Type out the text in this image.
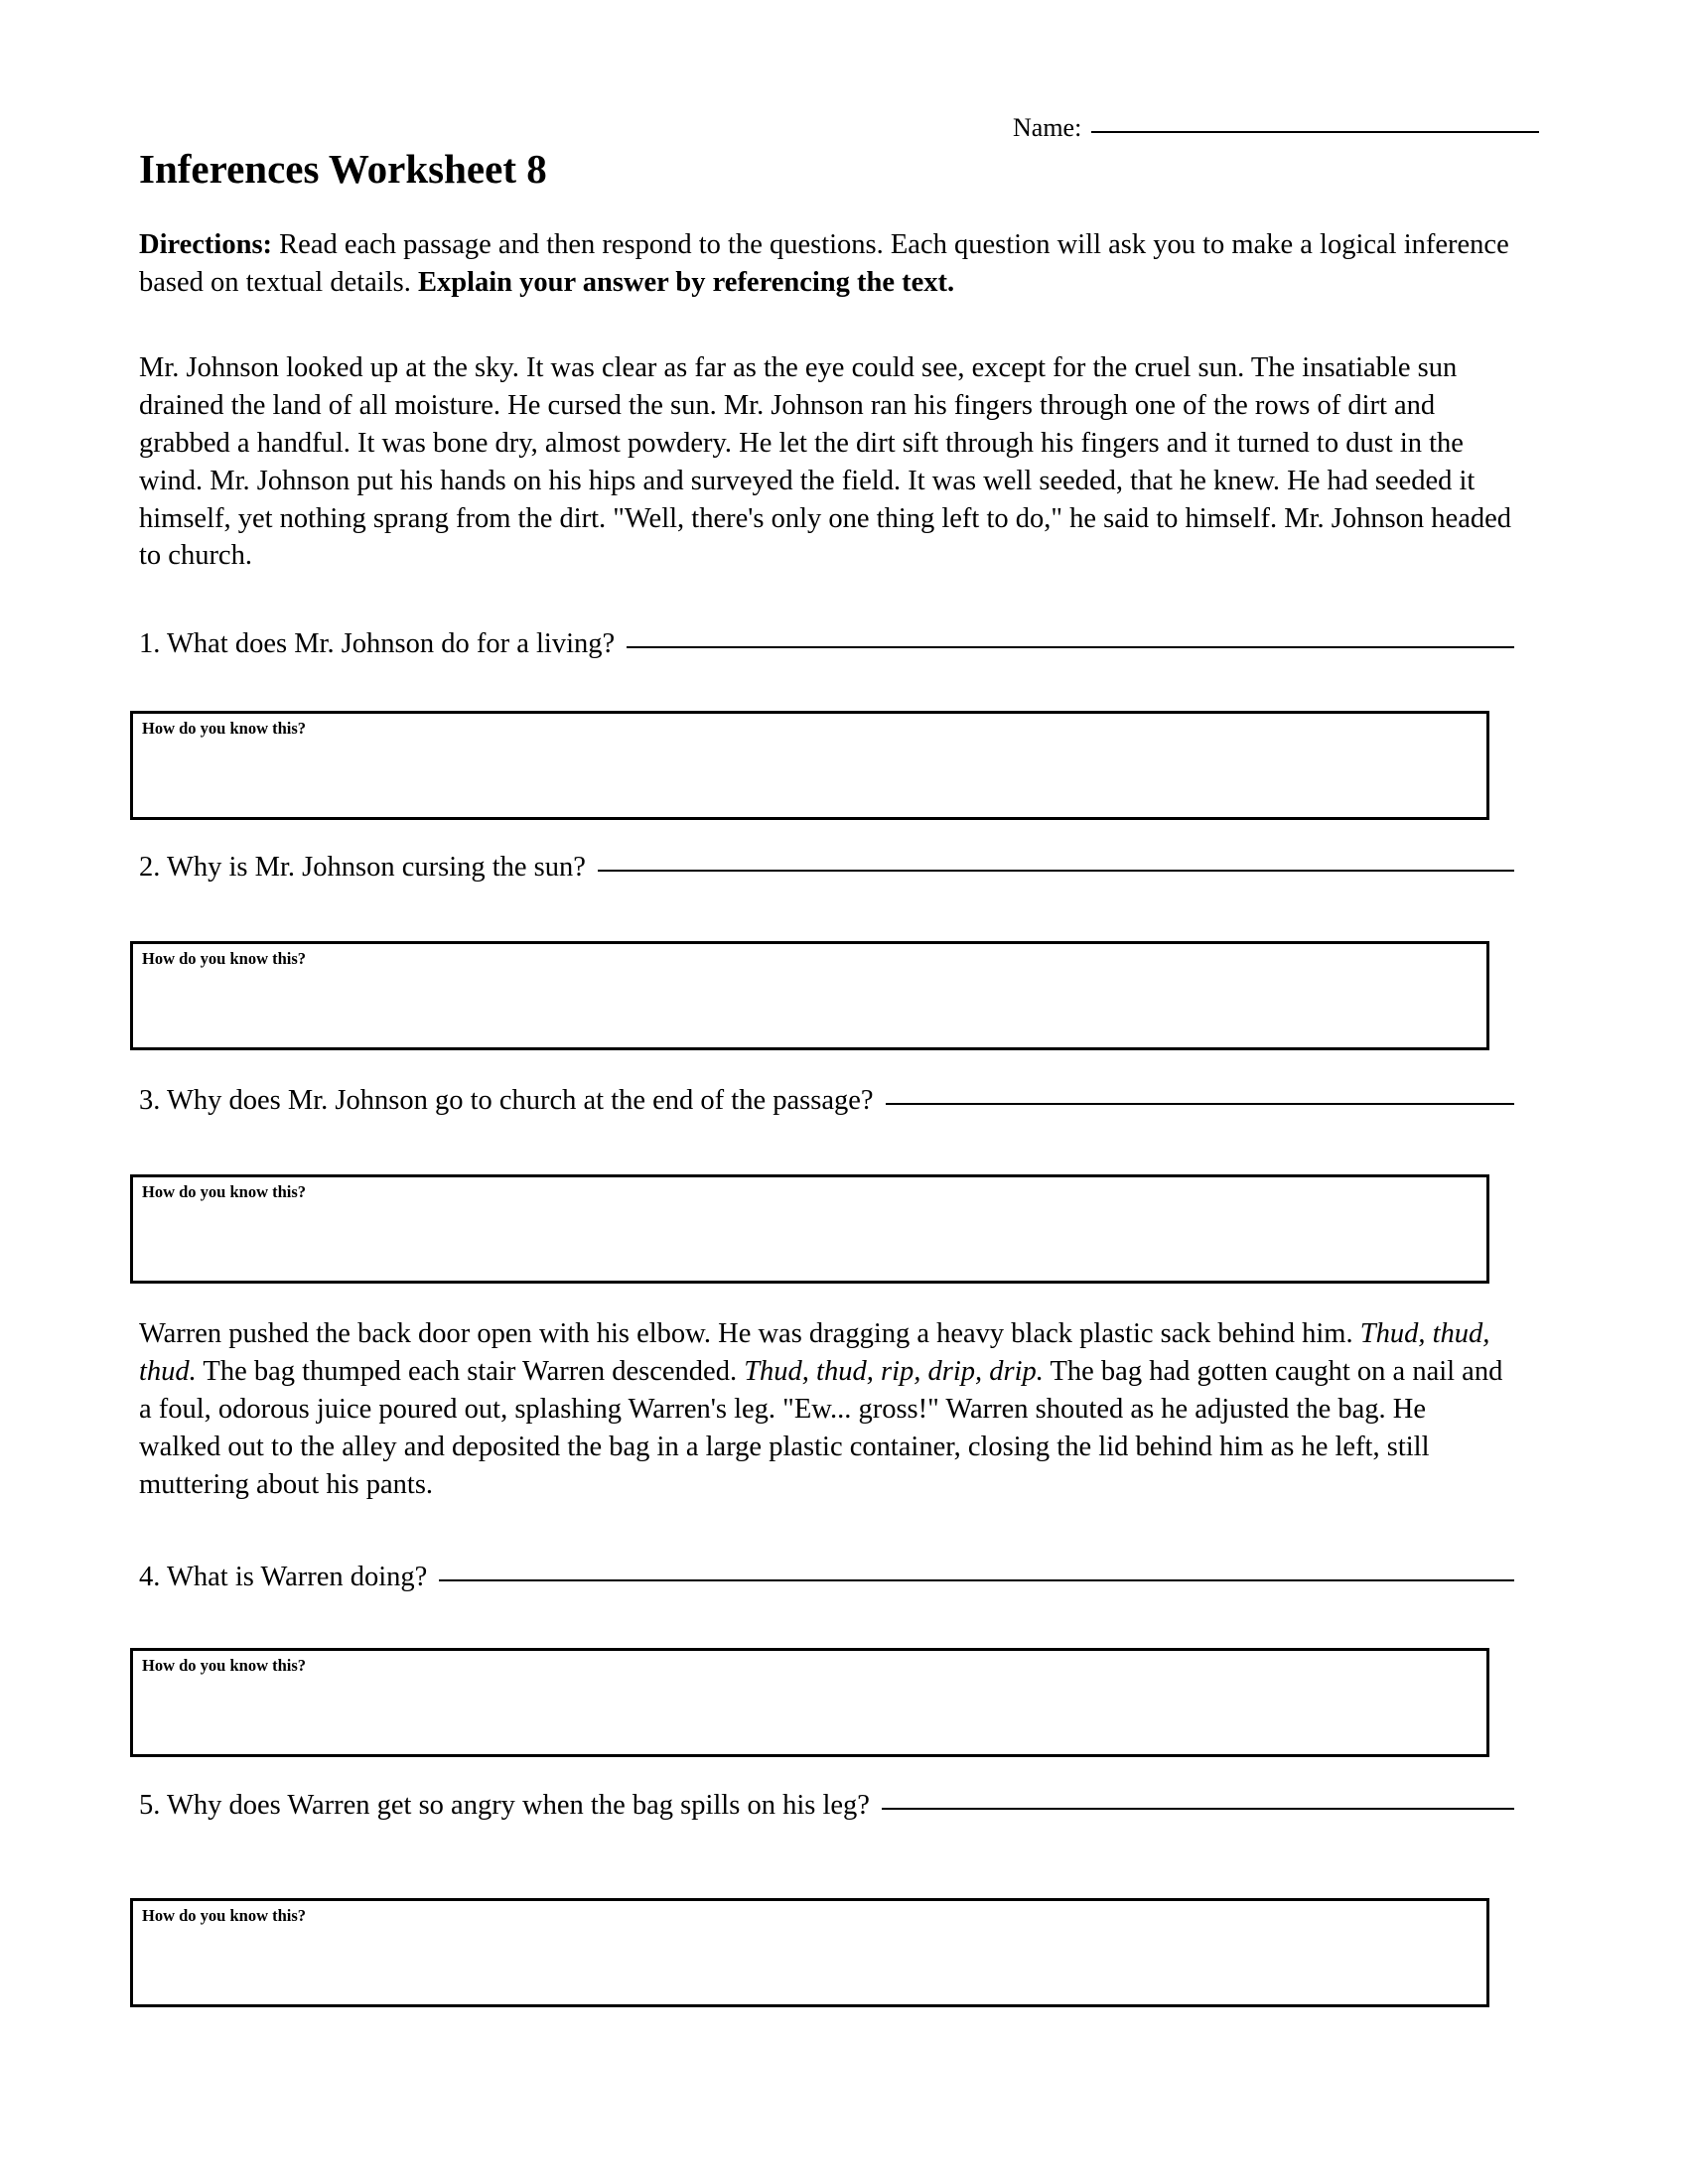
Name:
Inferences Worksheet 8
Directions: Read each passage and then respond to the questions. Each question will ask you to make a logical inference based on textual details. Explain your answer by referencing the text.
Mr. Johnson looked up at the sky. It was clear as far as the eye could see, except for the cruel sun. The insatiable sun drained the land of all moisture. He cursed the sun. Mr. Johnson ran his fingers through one of the rows of dirt and grabbed a handful. It was bone dry, almost powdery. He let the dirt sift through his fingers and it turned to dust in the wind. Mr. Johnson put his hands on his hips and surveyed the field. It was well seeded, that he knew. He had seeded it himself, yet nothing sprang from the dirt. "Well, there's only one thing left to do," he said to himself. Mr. Johnson headed to church.
1. What does Mr. Johnson do for a living?
How do you know this?
2. Why is Mr. Johnson cursing the sun?
How do you know this?
3. Why does Mr. Johnson go to church at the end of the passage?
How do you know this?
Warren pushed the back door open with his elbow. He was dragging a heavy black plastic sack behind him. Thud, thud, thud. The bag thumped each stair Warren descended. Thud, thud, rip, drip, drip. The bag had gotten caught on a nail and a foul, odorous juice poured out, splashing Warren's leg. "Ew... gross!" Warren shouted as he adjusted the bag. He walked out to the alley and deposited the bag in a large plastic container, closing the lid behind him as he left, still muttering about his pants.
4. What is Warren doing?
How do you know this?
5. Why does Warren get so angry when the bag spills on his leg?
How do you know this?
